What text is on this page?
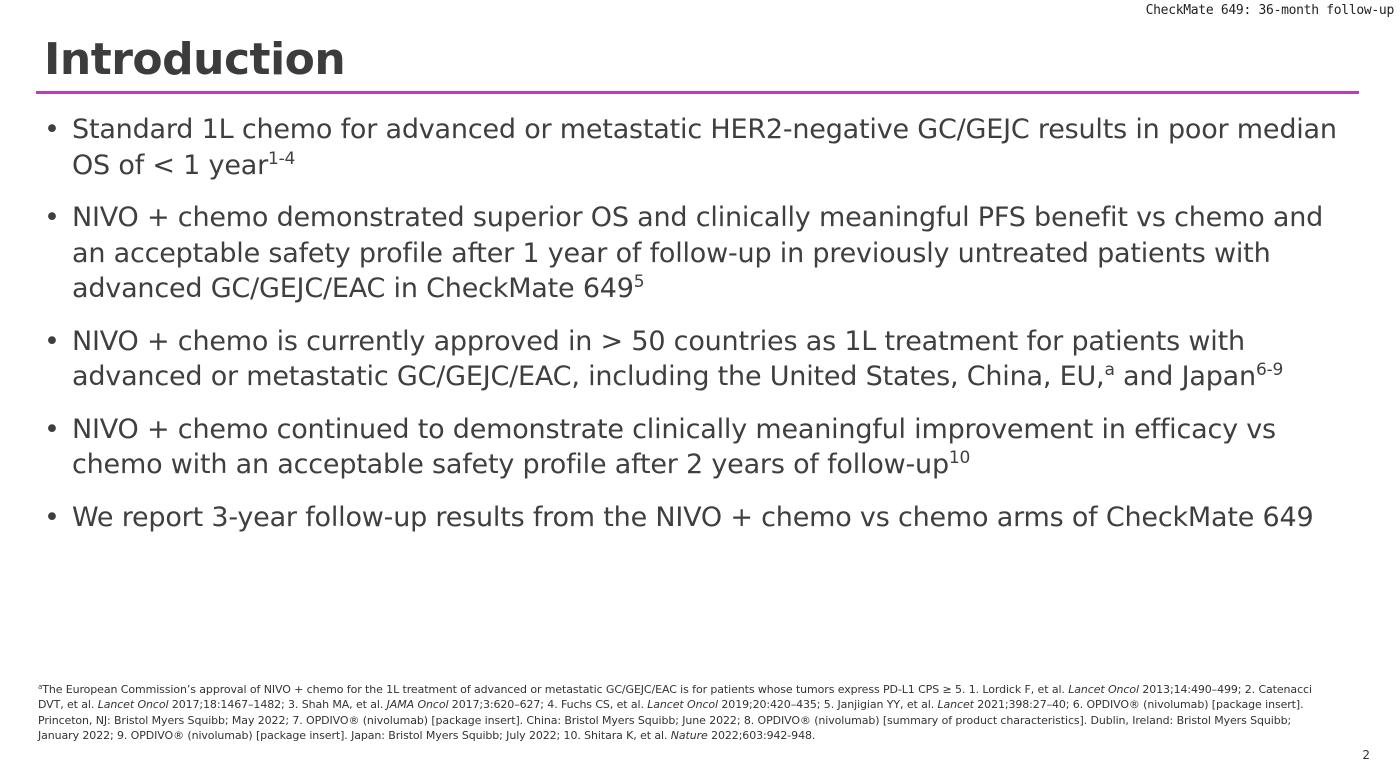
CheckMate 649: 36-month follow-up
Introduction
• Standard 1L chemo for advanced or metastatic HER2-negative GC/GEJC results in poor median OS of < 1 year$^{1-4}$
• NIVO + chemo demonstrated superior OS and clinically meaningful PFS benefit vs chemo and an acceptable safety profile after 1 year of follow-up in previously untreated patients with advanced GC/GEJC/EAC in CheckMate $649^5$
• NIVO + chemo is currently approved in > 50 countries as 1L treatment for patients with advanced or metastatic GC/GEJC/EAC, including the United States, China, EU,$^a$ and Japan$^{6-9}$
• NIVO + chemo continued to demonstrate clinically meaningful improvement in efficacy vs chemo with an acceptable safety profile after 2 years of follow-$up^{10}$
• We report 3-year follow-up results from the NIVO + chemo vs chemo arms of CheckMate 649
$^a$The European Commission’s approval of NIVO + chemo for the 1L treatment of advanced or metastatic GC/GEJC/EAC is for patients whose tumors express PD-L1 CPS ≥ 5. 1. Lordick F, et al. Lancet Oncol 2013;14:490–499; 2. Catenacci DVT, et al. Lancet Oncol 2017;18:1467–1482; 3. Shah MA, et al. JAMA Oncol 2017;3:620–627; 4. Fuchs CS, et al. Lancet Oncol 2019;20:420–435; 5. Janjigian YY, et al. Lancet 2021;398:27–40; 6. OPDIVO® (nivolumab) [package insert]. Princeton, NJ: Bristol Myers Squibb; May 2022; 7. OPDIVO® (nivolumab) [package insert]. China: Bristol Myers Squibb; June 2022; 8. OPDIVO® (nivolumab) [summary of product characteristics]. Dublin, Ireland: Bristol Myers Squibb; January 2022; 9. OPDIVO® (nivolumab) [package insert]. Japan: Bristol Myers Squibb; July 2022; 10. Shitara K, et al. Nature 2022;603:942-948.
2
